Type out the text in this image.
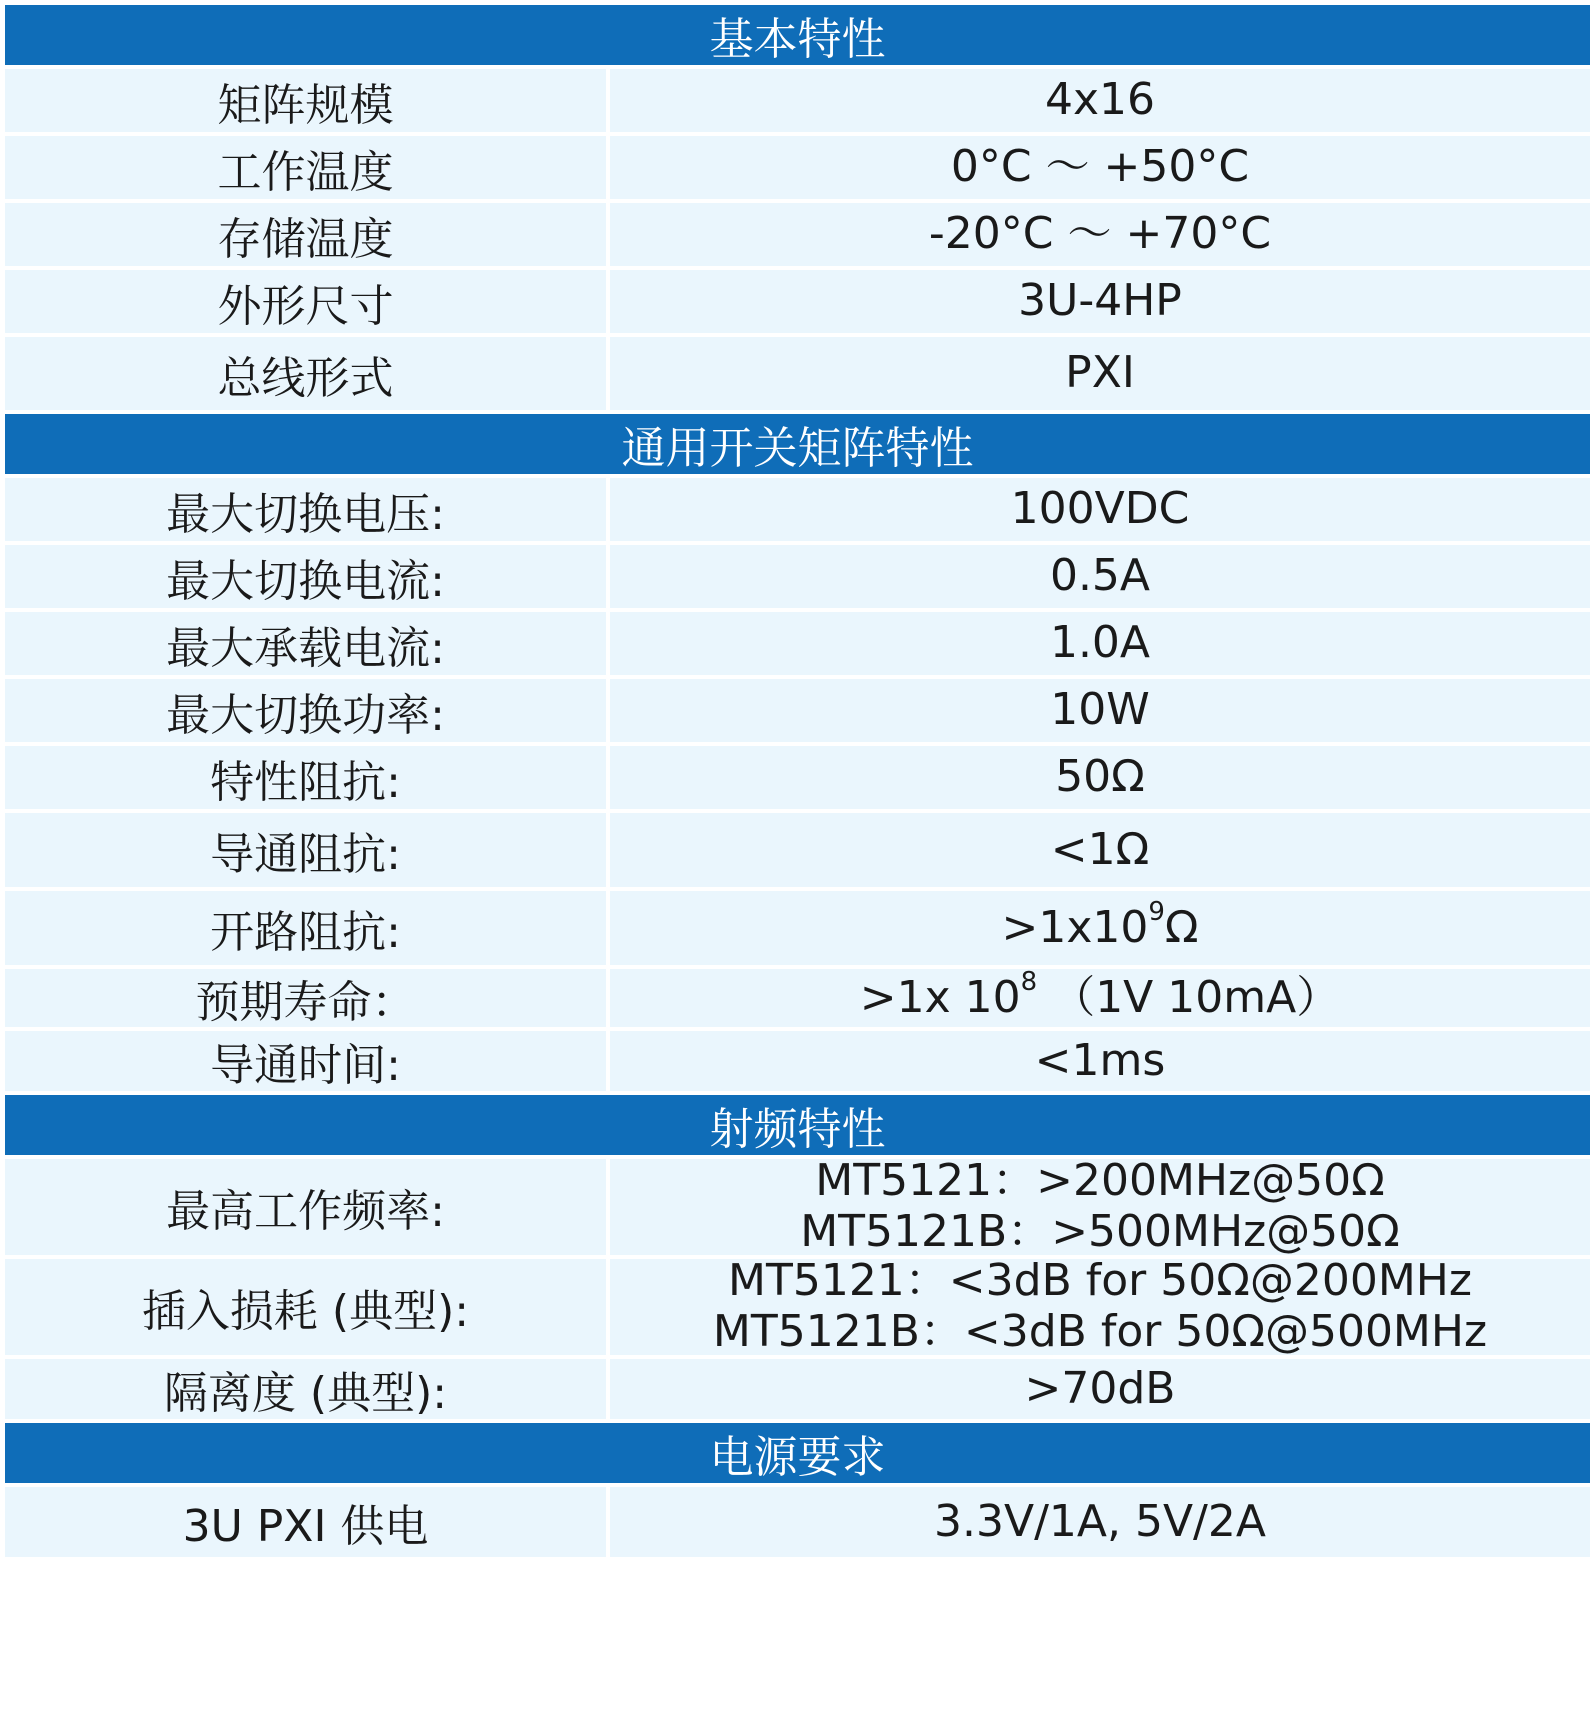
基本特性
矩阵规模	4x16
工作温度	0°C ～ +50°C
存储温度	-20°C ～ +70°C
外形尺寸	3U-4HP
总线形式	PXI
通用开关矩阵特性
最大切换电压:	100VDC
最大切换电流:	0.5A
最大承载电流:	1.0A
最大切换功率:	10W
特性阻抗:	50Ω
导通阻抗:	<1Ω
开路阻抗:	$>1x10^9\Omega$
预期寿命：	>1x $10^8$ （1V 10mA）
导通时间:	<1ms
射频特性
最高工作频率:
MT5121：>200MHz@50Ω
MT5121B：>500MHz@50Ω
插入损耗 (典型):
MT5121：<3dB for 50Ω@200MHz
MT5121B：<3dB for 50Ω@500MHz
隔离度 (典型):	>70dB
电源要求
3U PXI 供电	3.3V/1A, 5V/2A
